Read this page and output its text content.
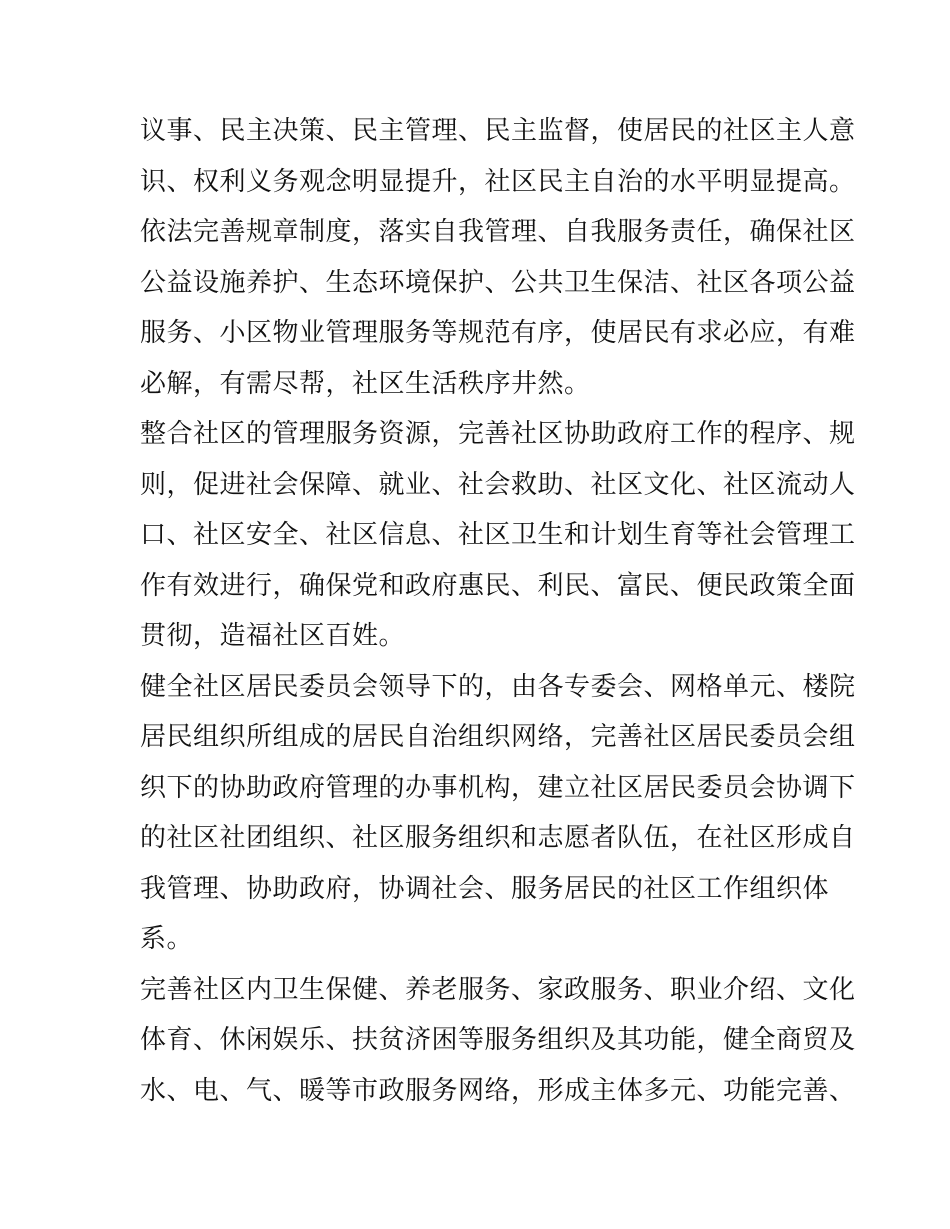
议事、民主决策、民主管理、民主监督，使居民的社区主人意
识、权利义务观念明显提升，社区民主自治的水平明显提高。
依法完善规章制度，落实自我管理、自我服务责任，确保社区
公益设施养护、生态环境保护、公共卫生保洁、社区各项公益
服务、小区物业管理服务等规范有序，使居民有求必应，有难
必解，有需尽帮，社区生活秩序井然。
整合社区的管理服务资源，完善社区协助政府工作的程序、规
则，促进社会保障、就业、社会救助、社区文化、社区流动人
口、社区安全、社区信息、社区卫生和计划生育等社会管理工
作有效进行，确保党和政府惠民、利民、富民、便民政策全面
贯彻，造福社区百姓。
健全社区居民委员会领导下的，由各专委会、网格单元、楼院
居民组织所组成的居民自治组织网络，完善社区居民委员会组
织下的协助政府管理的办事机构，建立社区居民委员会协调下
的社区社团组织、社区服务组织和志愿者队伍，在社区形成自
我管理、协助政府，协调社会、服务居民的社区工作组织体
系。
完善社区内卫生保健、养老服务、家政服务、职业介绍、文化
体育、休闲娱乐、扶贫济困等服务组织及其功能，健全商贸及
水、电、气、暖等市政服务网络，形成主体多元、功能完善、
